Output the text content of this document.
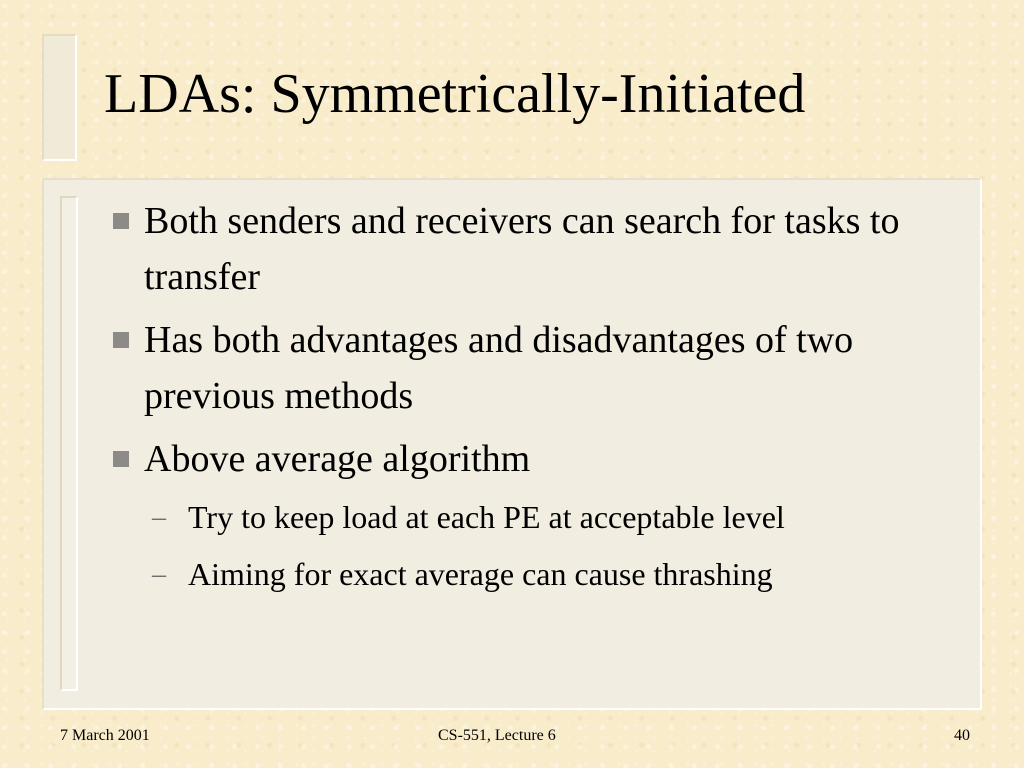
LDAs: Symmetrically-Initiated
Both senders and receivers can search for tasks to transfer
Has both advantages and disadvantages of two previous methods
Above average algorithm
– Try to keep load at each PE at acceptable level
– Aiming for exact average can cause thrashing
7 March 2001	CS-551, Lecture 6	40
